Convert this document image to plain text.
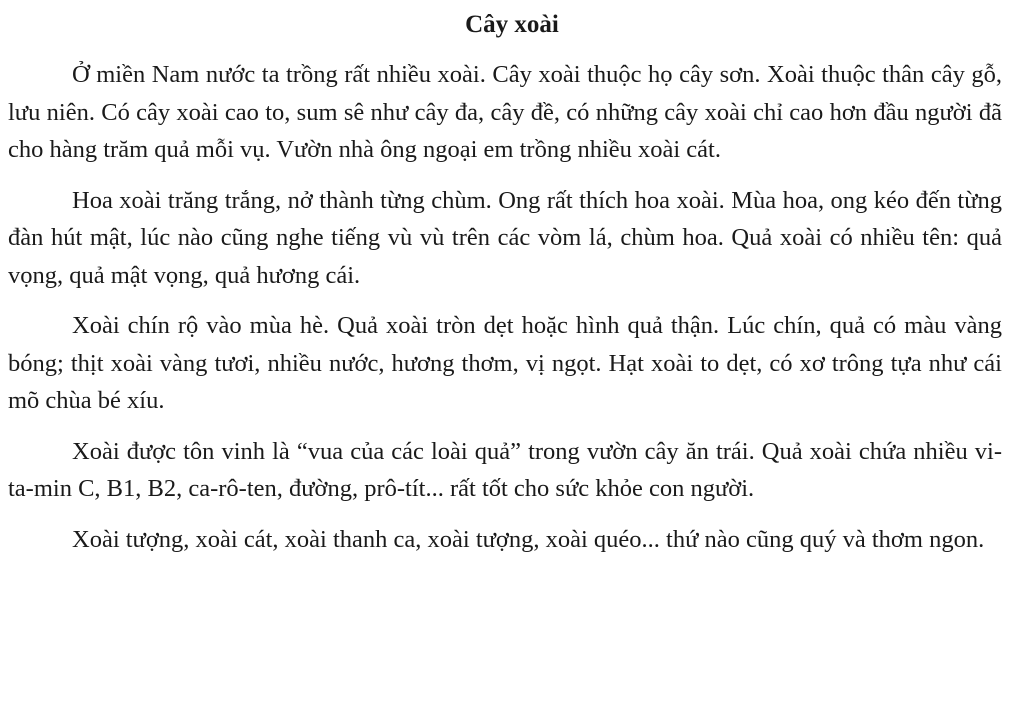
Cây xoài

Ở miền Nam nước ta trồng rất nhiều xoài. Cây xoài thuộc họ cây sơn. Xoài thuộc thân cây gỗ, lưu niên. Có cây xoài cao to, sum sê như cây đa, cây đề, có những cây xoài chỉ cao hơn đầu người đã cho hàng trăm quả mỗi vụ. Vườn nhà ông ngoại em trồng nhiều xoài cát.

Hoa xoài trăng trắng, nở thành từng chùm. Ong rất thích hoa xoài. Mùa hoa, ong kéo đến từng đàn hút mật, lúc nào cũng nghe tiếng vù vù trên các vòm lá, chùm hoa. Quả xoài có nhiều tên: quả vọng, quả mật vọng, quả hương cái.

Xoài chín rộ vào mùa hè. Quả xoài tròn dẹt hoặc hình quả thận. Lúc chín, quả có màu vàng bóng; thịt xoài vàng tươi, nhiều nước, hương thơm, vị ngọt. Hạt xoài to dẹt, có xơ trông tựa như cái mõ chùa bé xíu.

Xoài được tôn vinh là “vua của các loài quả” trong vườn cây ăn trái. Quả xoài chứa nhiều vi-ta-min C, B1, B2, ca-rô-ten, đường, prô-tít... rất tốt cho sức khỏe con người.

Xoài tượng, xoài cát, xoài thanh ca, xoài tượng, xoài quéo... thứ nào cũng quý và thơm ngon.
